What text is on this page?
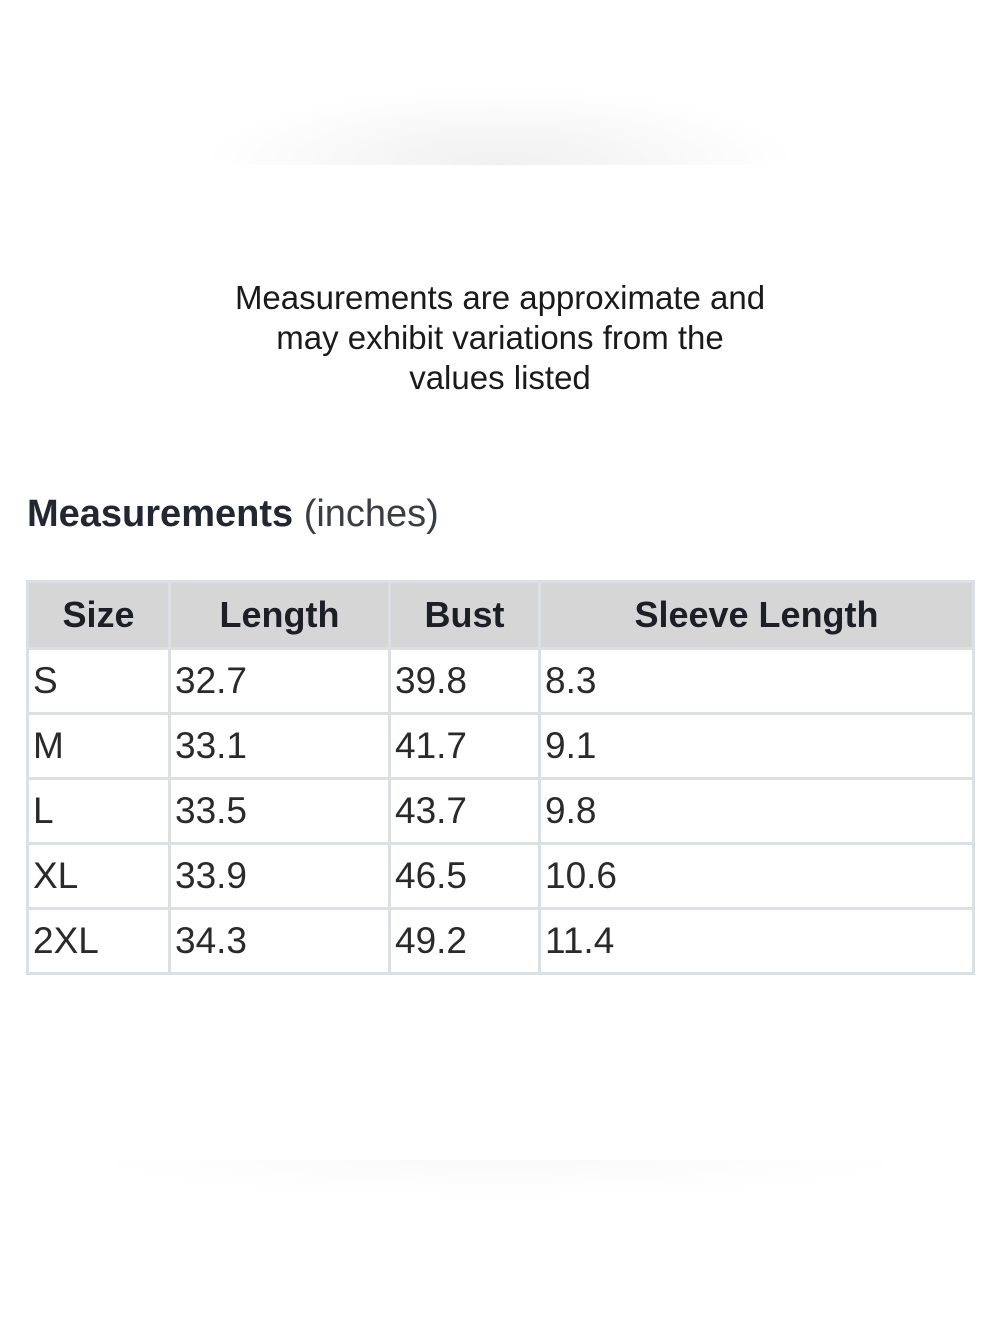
Measurements are approximate and
may exhibit variations from the
values listed
Measurements (inches)
Size	Length	Bust	Sleeve Length
S	32.7	39.8	8.3
M	33.1	41.7	9.1
L	33.5	43.7	9.8
XL	33.9	46.5	10.6
2XL	34.3	49.2	11.4
